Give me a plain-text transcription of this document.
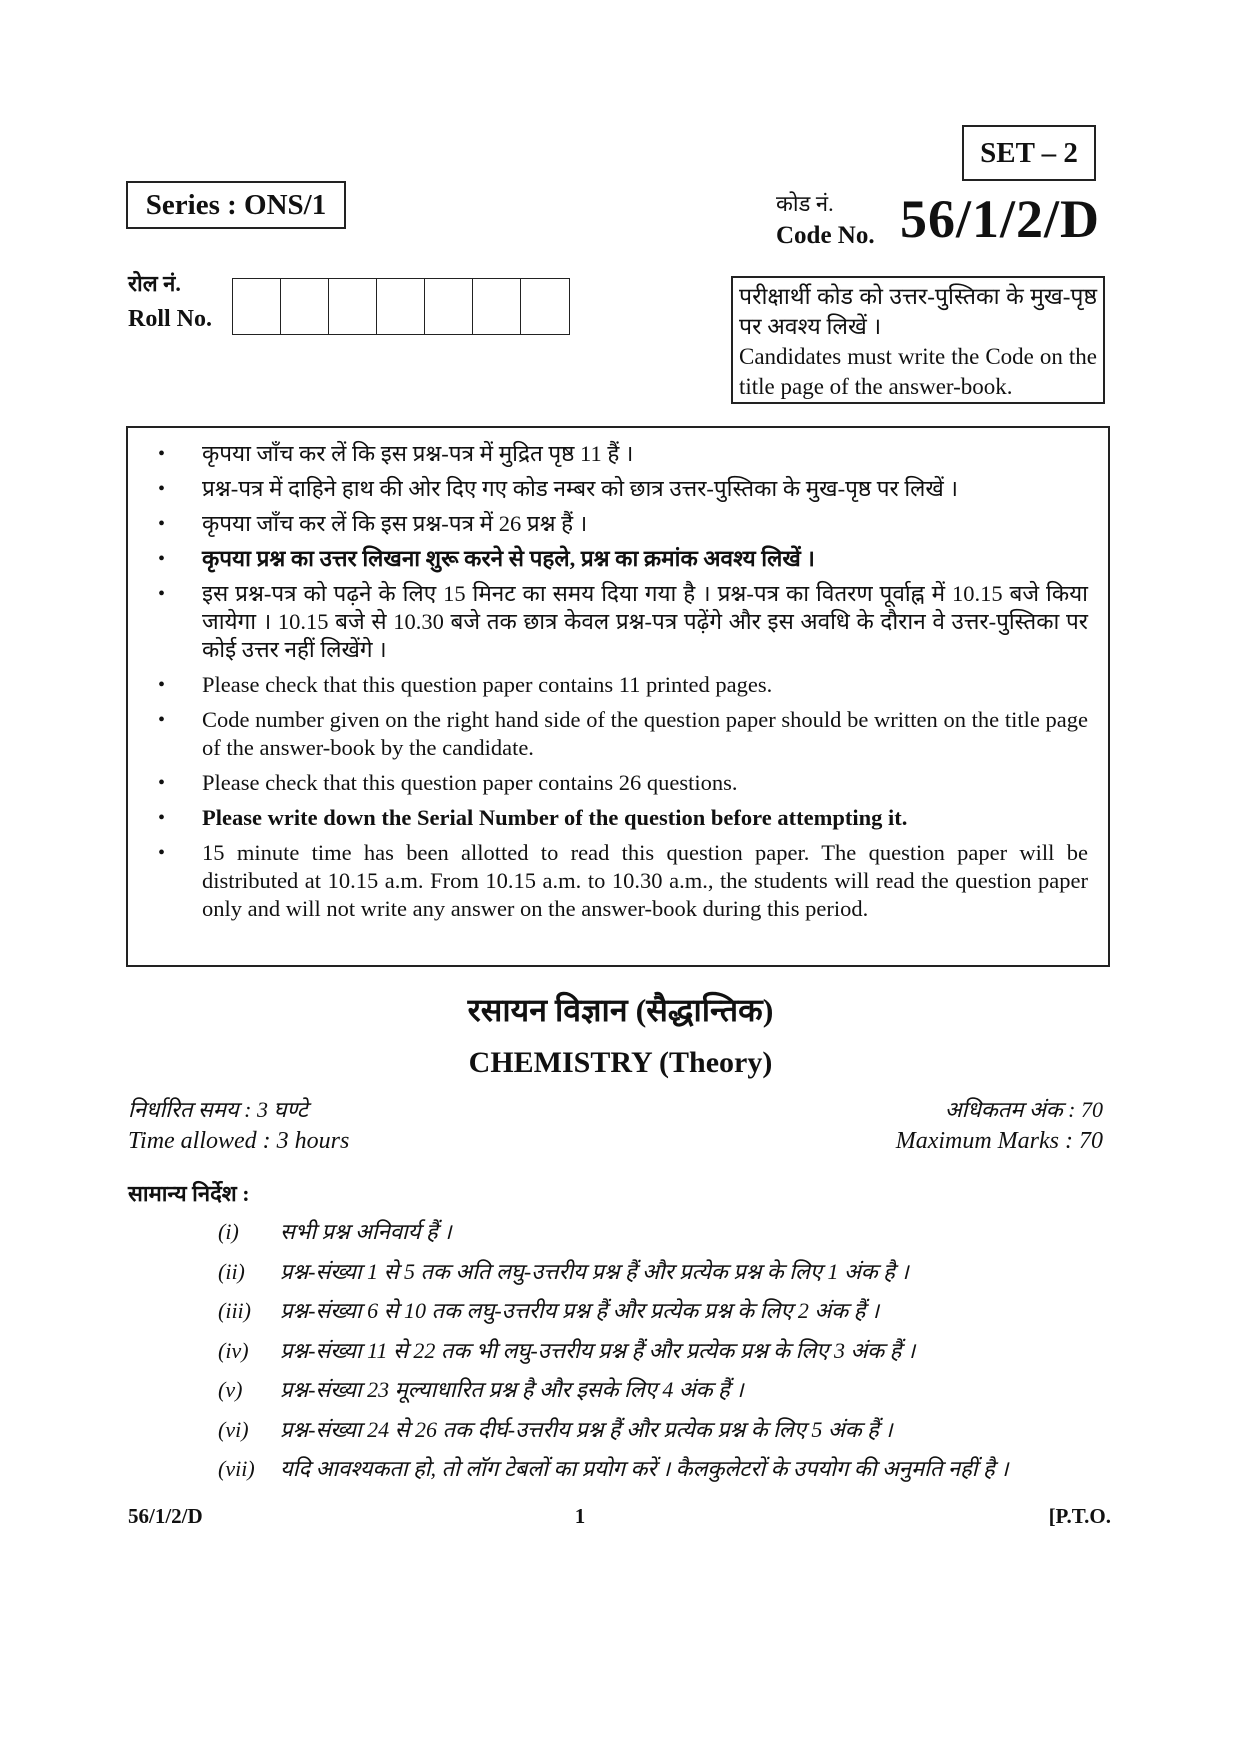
SET – 2
Series : ONS/1	कोड नं.
Code No. 56/1/2/D
रोल नं.
Roll No.
परीक्षार्थी कोड को उत्तर-पुस्तिका के मुख-पृष्ठ पर अवश्य लिखें ।
Candidates must write the Code on the title page of the answer-book.
•	कृपया जाँच कर लें कि इस प्रश्न-पत्र में मुद्रित पृष्ठ 11 हैं ।
•	प्रश्न-पत्र में दाहिने हाथ की ओर दिए गए कोड नम्बर को छात्र उत्तर-पुस्तिका के मुख-पृष्ठ पर लिखें ।
•	कृपया जाँच कर लें कि इस प्रश्न-पत्र में 26 प्रश्न हैं ।
•	कृपया प्रश्न का उत्तर लिखना शुरू करने से पहले, प्रश्न का क्रमांक अवश्य लिखें ।
•	इस प्रश्न-पत्र को पढ़ने के लिए 15 मिनट का समय दिया गया है । प्रश्न-पत्र का वितरण पूर्वाह्न में 10.15 बजे किया जायेगा । 10.15 बजे से 10.30 बजे तक छात्र केवल प्रश्न-पत्र पढ़ेंगे और इस अवधि के दौरान वे उत्तर-पुस्तिका पर कोई उत्तर नहीं लिखेंगे ।
•	Please check that this question paper contains 11 printed pages.
•	Code number given on the right hand side of the question paper should be written on the title page of the answer-book by the candidate.
•	Please check that this question paper contains 26 questions.
•	Please write down the Serial Number of the question before attempting it.
•	15 minute time has been allotted to read this question paper. The question paper will be distributed at 10.15 a.m. From 10.15 a.m. to 10.30 a.m., the students will read the question paper only and will not write any answer on the answer-book during this period.
रसायन विज्ञान (सैद्धान्तिक)
CHEMISTRY (Theory)
निर्धारित समय : 3 घण्टे
Time allowed : 3 hours
अधिकतम अंक : 70
Maximum Marks : 70
सामान्य निर्देश :
(i)	सभी प्रश्न अनिवार्य हैं ।
(ii)	प्रश्न-संख्या 1 से 5 तक अति लघु-उत्तरीय प्रश्न हैं और प्रत्येक प्रश्न के लिए 1 अंक है ।
(iii)	प्रश्न-संख्या 6 से 10 तक लघु-उत्तरीय प्रश्न हैं और प्रत्येक प्रश्न के लिए 2 अंक हैं ।
(iv)	प्रश्न-संख्या 11 से 22 तक भी लघु-उत्तरीय प्रश्न हैं और प्रत्येक प्रश्न के लिए 3 अंक हैं ।
(v)	प्रश्न-संख्या 23 मूल्याधारित प्रश्न है और इसके लिए 4 अंक हैं ।
(vi)	प्रश्न-संख्या 24 से 26 तक दीर्घ-उत्तरीय प्रश्न हैं और प्रत्येक प्रश्न के लिए 5 अंक हैं ।
(vii)	यदि आवश्यकता हो, तो लॉग टेबलों का प्रयोग करें । कैलकुलेटरों के उपयोग की अनुमति नहीं है ।
56/1/2/D	1	[P.T.O.
